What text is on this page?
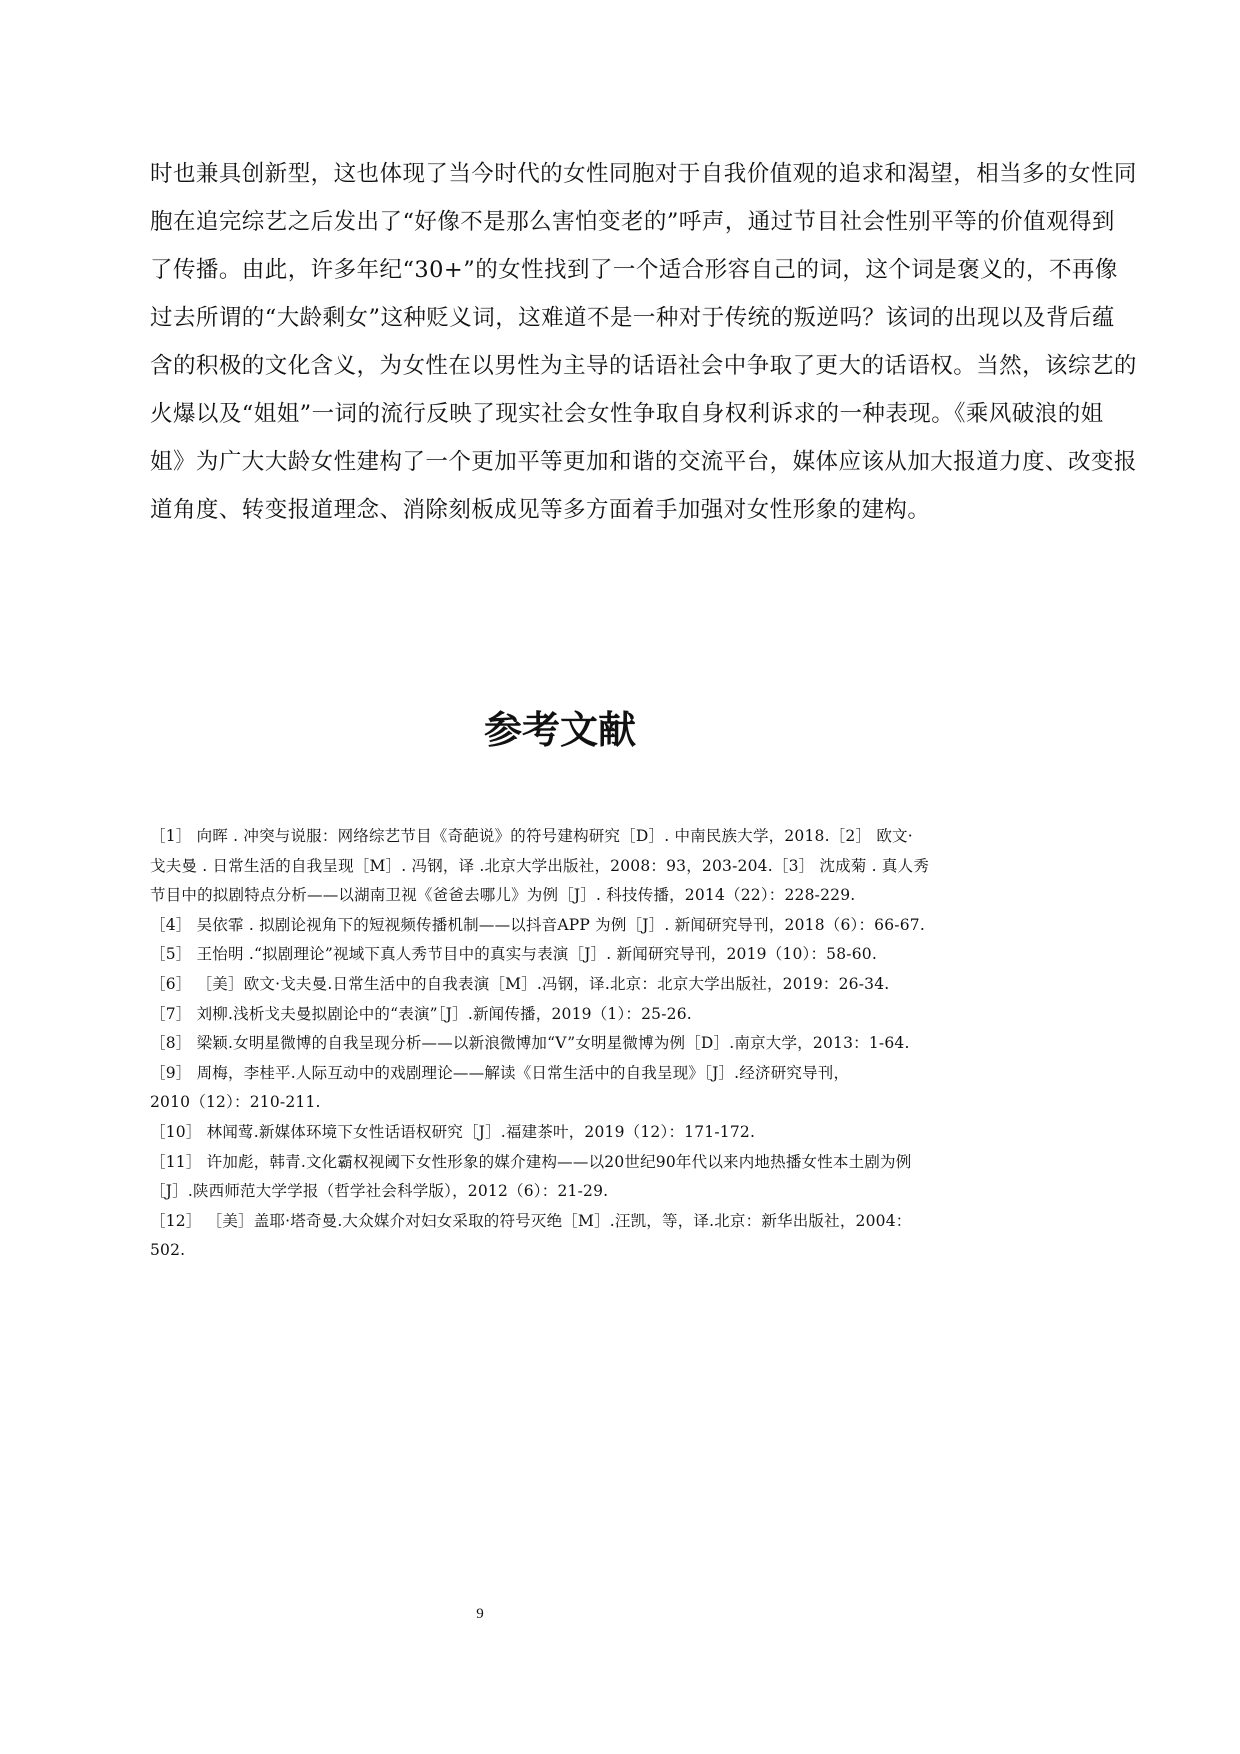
时也兼具创新型，这也体现了当今时代的女性同胞对于自我价值观的追求和渴望，相当多的女性同
胞在追完综艺之后发出了“好像不是那么害怕变老的”呼声，通过节目社会性别平等的价值观得到
了传播。由此，许多年纪“30+”的女性找到了一个适合形容自己的词，这个词是褒义的，不再像
过去所谓的“大龄剩女”这种贬义词，这难道不是一种对于传统的叛逆吗？该词的出现以及背后蕴
含的积极的文化含义，为女性在以男性为主导的话语社会中争取了更大的话语权。当然，该综艺的
火爆以及“姐姐”一词的流行反映了现实社会女性争取自身权利诉求的一种表现。《乘风破浪的姐
姐》为广大大龄女性建构了一个更加平等更加和谐的交流平台，媒体应该从加大报道力度、改变报
道角度、转变报道理念、消除刻板成见等多方面着手加强对女性形象的建构。
参考文献
［1］ 向晖 . 冲突与说服：网络综艺节目《奇葩说》的符号建构研究［D］. 中南民族大学，2018.［2］ 欧文·
戈夫曼 . 日常生活的自我呈现［M］. 冯钢，译 .北京大学出版社，2008：93，203-204.［3］ 沈成菊 . 真人秀
节目中的拟剧特点分析——以湖南卫视《爸爸去哪儿》为例［J］. 科技传播，2014（22）：228-229.
［4］ 吴依霏 . 拟剧论视角下的短视频传播机制——以抖音APP 为例［J］. 新闻研究导刊，2018（6）：66-67.
［5］ 王怡明 .“拟剧理论”视域下真人秀节目中的真实与表演［J］. 新闻研究导刊，2019（10）：58-60.
［6］ ［美］欧文·戈夫曼.日常生活中的自我表演［M］.冯钢，译.北京：北京大学出版社，2019：26-34.
［7］ 刘柳.浅析戈夫曼拟剧论中的“表演”［J］.新闻传播，2019（1）：25-26.
［8］ 梁颖.女明星微博的自我呈现分析——以新浪微博加“V”女明星微博为例［D］.南京大学，2013：1-64.
［9］ 周梅，李桂平.人际互动中的戏剧理论——解读《日常生活中的自我呈现》［J］.经济研究导刊，
2010（12）：210-211.
［10］ 林闻莺.新媒体环境下女性话语权研究［J］.福建茶叶，2019（12）：171-172.
［11］ 许加彪，韩青.文化霸权视阈下女性形象的媒介建构——以20世纪90年代以来内地热播女性本土剧为例
［J］.陕西师范大学学报（哲学社会科学版），2012（6）：21-29.
［12］ ［美］盖耶·塔奇曼.大众媒介对妇女采取的符号灭绝［M］.汪凯，等，译.北京：新华出版社，2004：
502.
9
